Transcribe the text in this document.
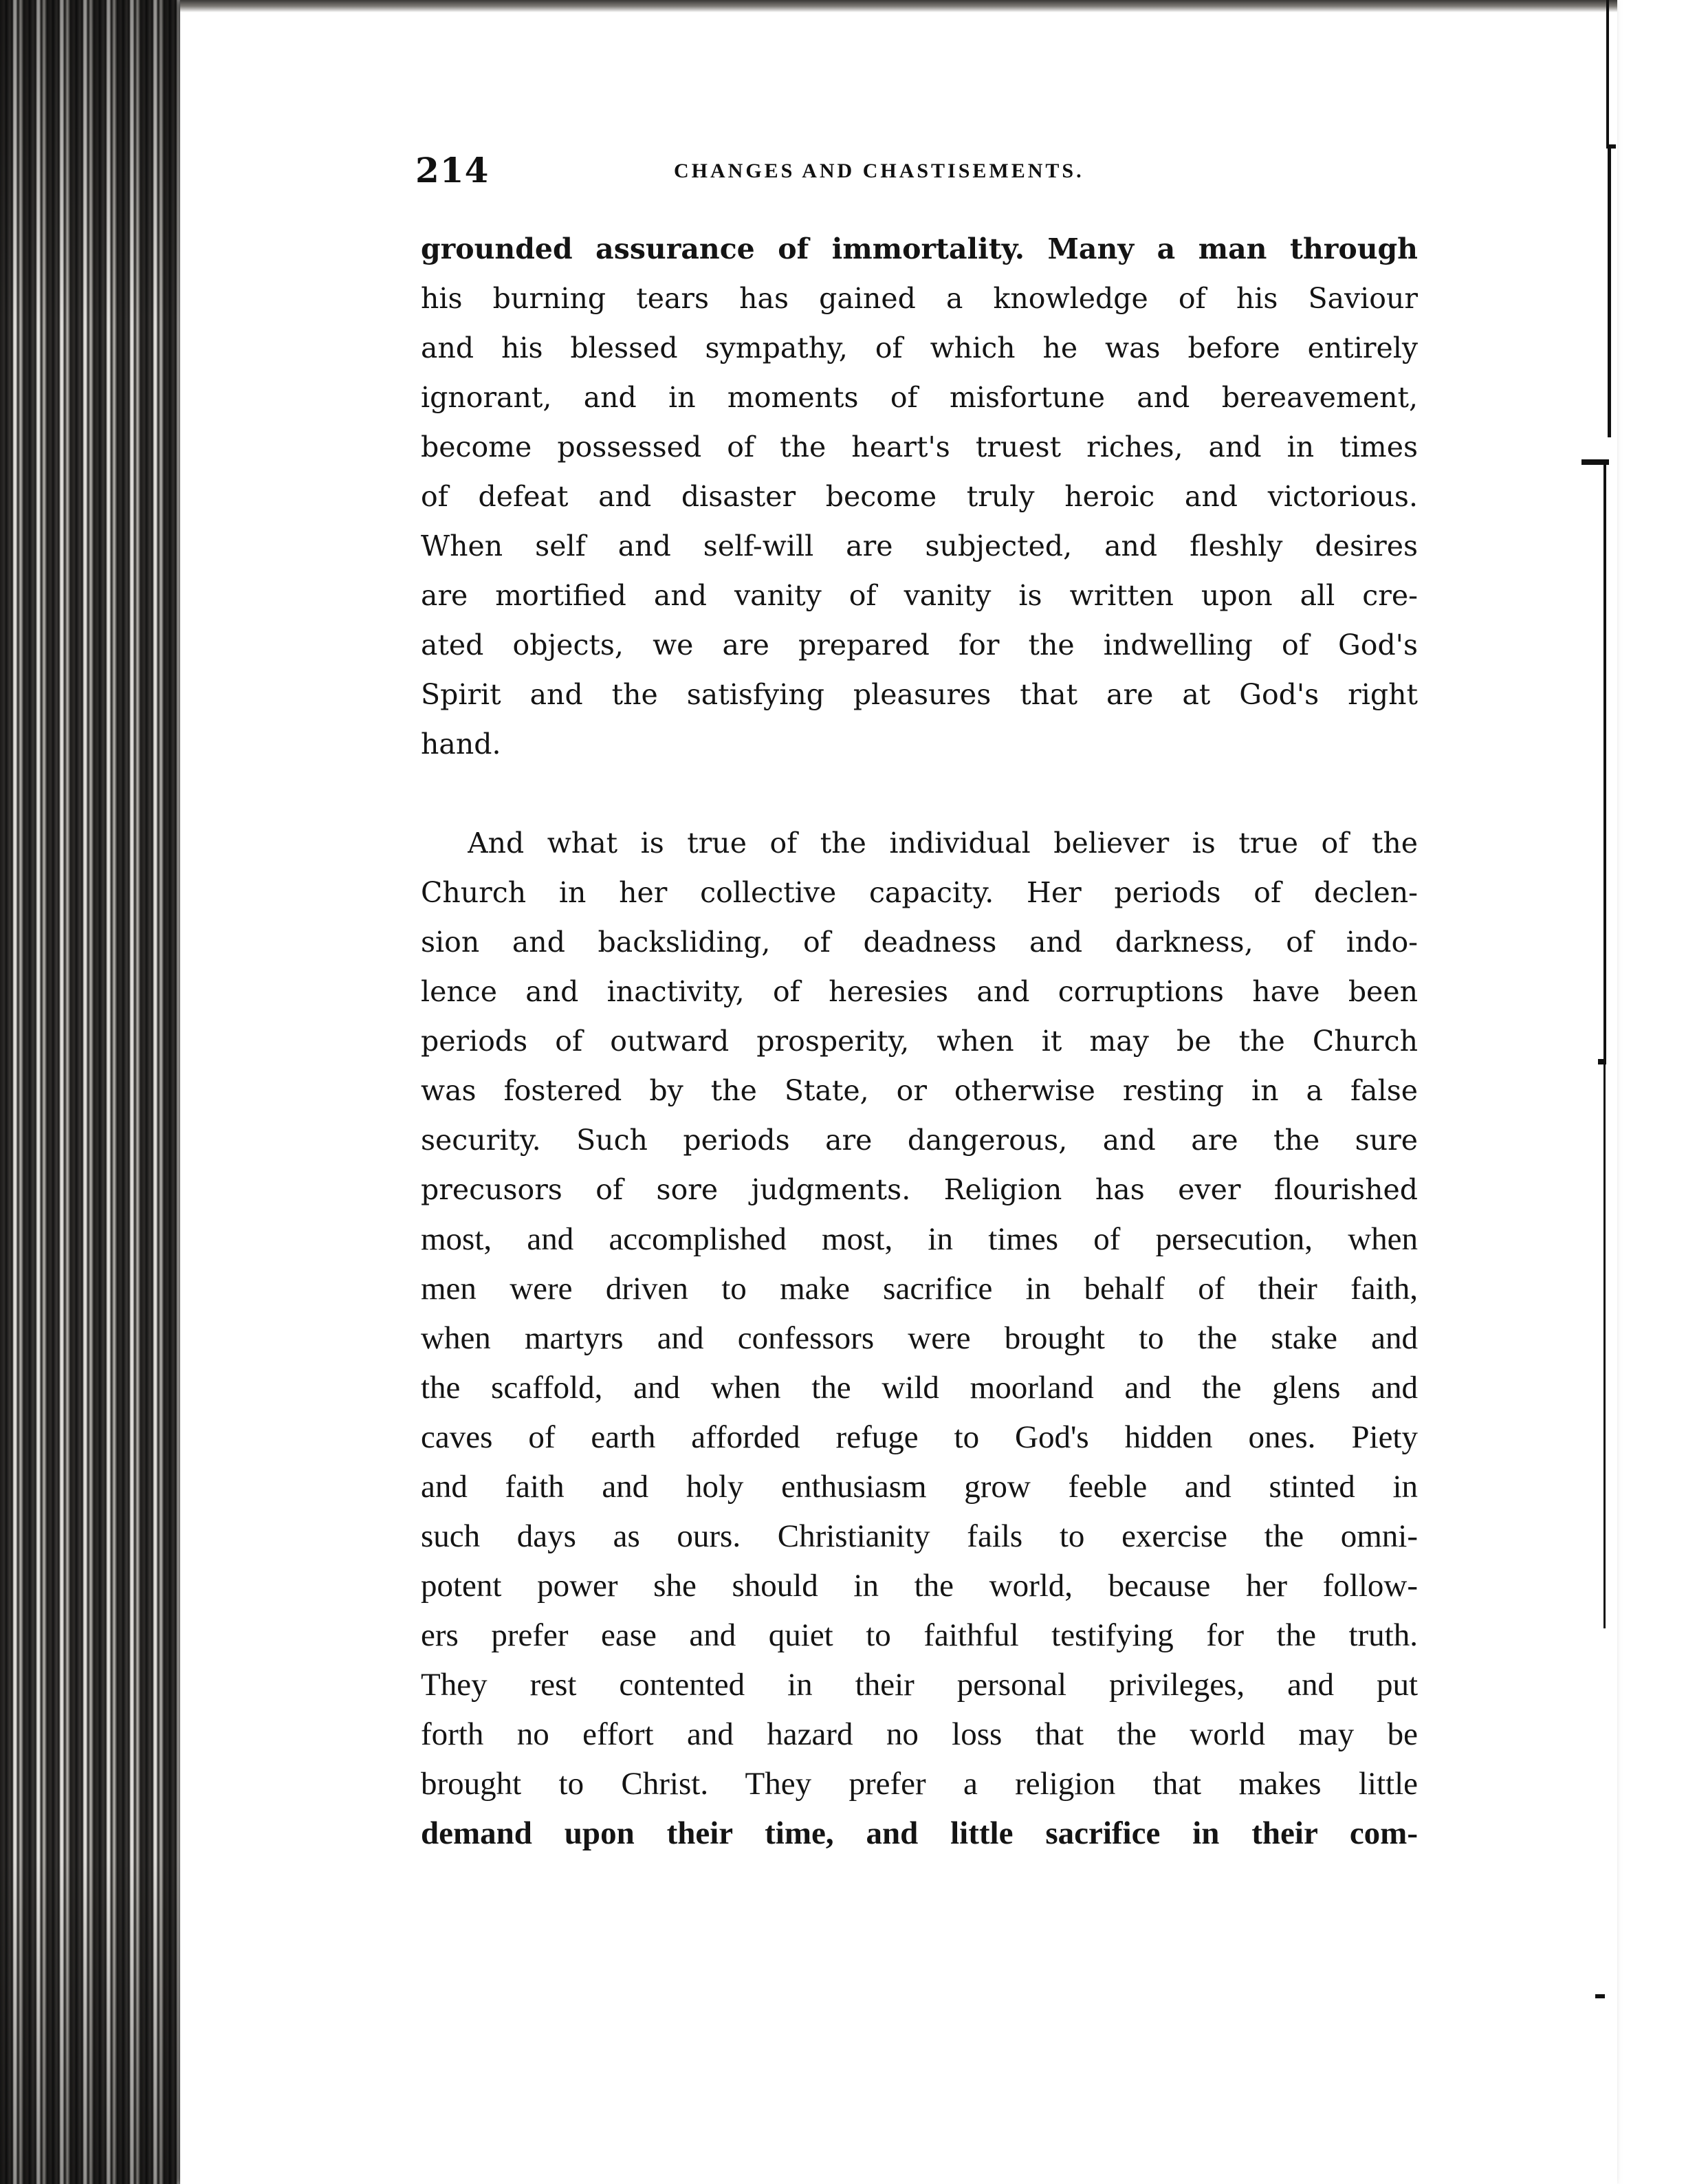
214	CHANGES AND CHASTISEMENTS.
grounded assurance of immortality. Many a man through
his burning tears has gained a knowledge of his Saviour
and his blessed sympathy, of which he was before entirely
ignorant, and in moments of misfortune and bereavement,
become possessed of the heart's truest riches, and in times
of defeat and disaster become truly heroic and victorious.
When self and self-will are subjected, and fleshly desires
are mortified and vanity of vanity is written upon all cre-
ated objects, we are prepared for the indwelling of God's
Spirit and the satisfying pleasures that are at God's right
hand.
And what is true of the individual believer is true of the
Church in her collective capacity. Her periods of declen-
sion and backsliding, of deadness and darkness, of indo-
lence and inactivity, of heresies and corruptions have been
periods of outward prosperity, when it may be the Church
was fostered by the State, or otherwise resting in a false
security. Such periods are dangerous, and are the sure
precusors of sore judgments. Religion has ever flourished
most, and accomplished most, in times of persecution, when
men were driven to make sacrifice in behalf of their faith,
when martyrs and confessors were brought to the stake and
the scaffold, and when the wild moorland and the glens and
caves of earth afforded refuge to God's hidden ones. Piety
and faith and holy enthusiasm grow feeble and stinted in
such days as ours. Christianity fails to exercise the omni-
potent power she should in the world, because her follow-
ers prefer ease and quiet to faithful testifying for the truth.
They rest contented in their personal privileges, and put
forth no effort and hazard no loss that the world may be
brought to Christ. They prefer a religion that makes little
demand upon their time, and little sacrifice in their com-
